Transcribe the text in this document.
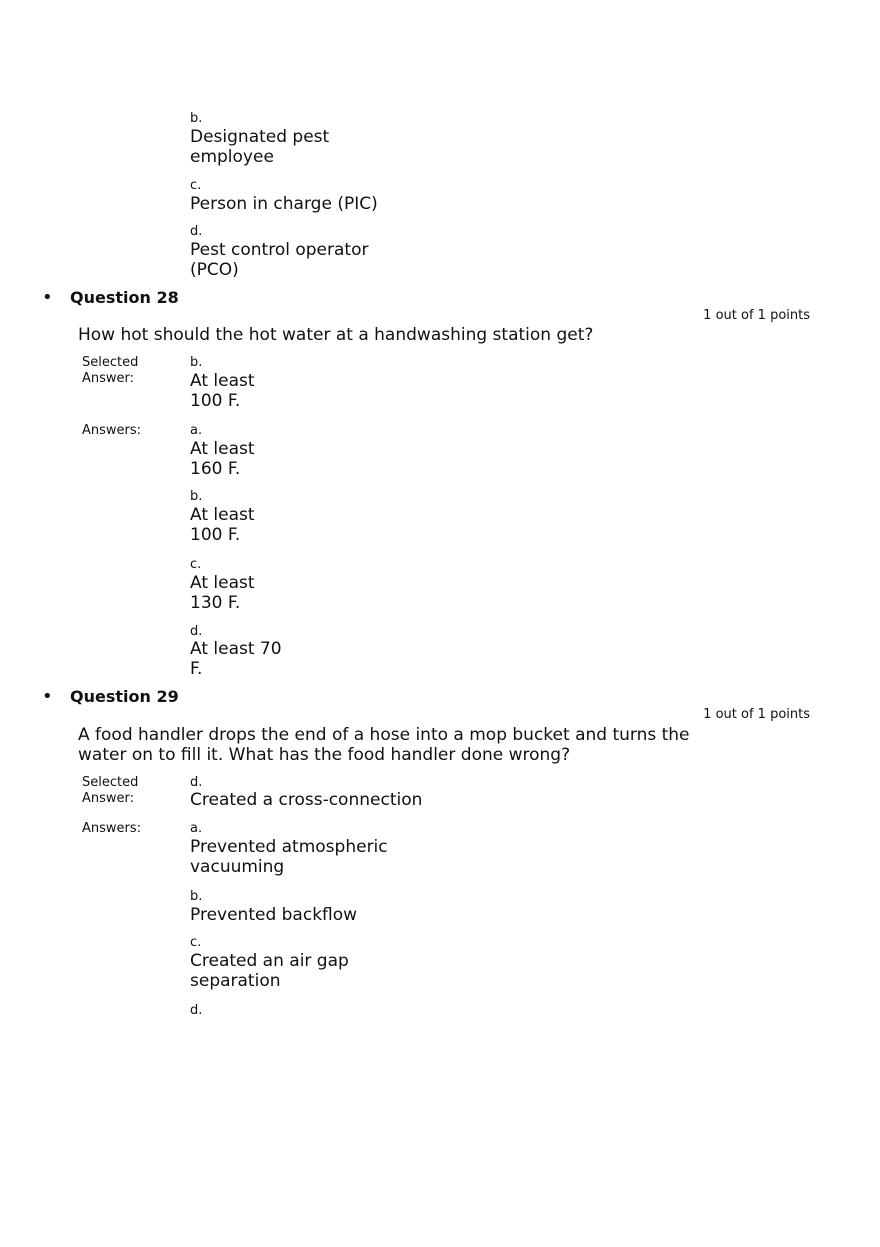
b.
Designated pest
employee
c.
Person in charge (PIC)
d.
Pest control operator
(PCO)
• Question 28
1 out of 1 points
How hot should the hot water at a handwashing station get?
Selected
Answer:
b.
At least
100 F.
Answers:	a.
At least
160 F.
b.
At least
100 F.
c.
At least
130 F.
d.
At least 70
F.
• Question 29
1 out of 1 points
A food handler drops the end of a hose into a mop bucket and turns the
water on to fill it. What has the food handler done wrong?
Selected
Answer:
d.
Created a cross-connection
Answers:	a.
Prevented atmospheric
vacuuming
b.
Prevented backflow
c.
Created an air gap
separation
d.
